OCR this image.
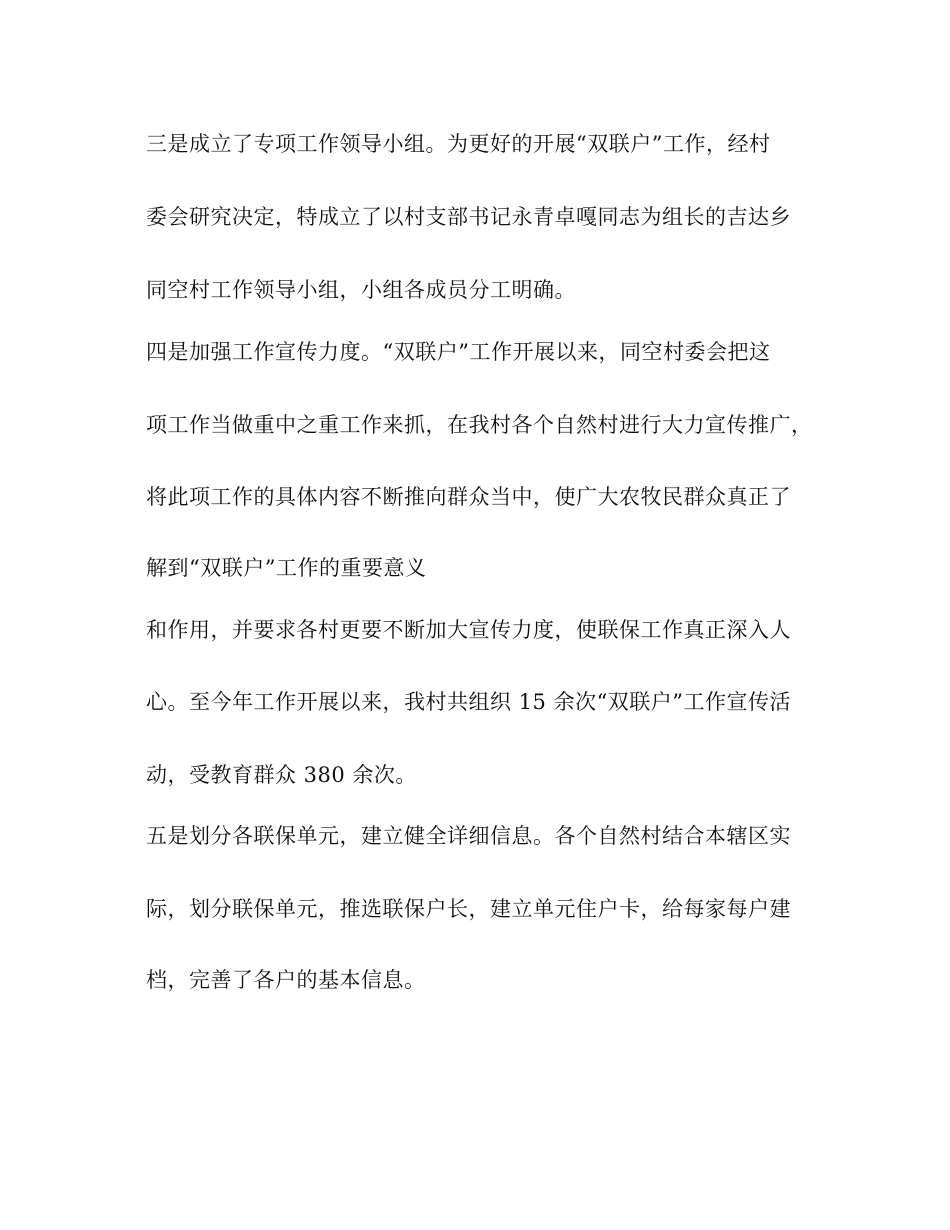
三是成立了专项工作领导小组。为更好的开展“双联户”工作，经村
委会研究决定，特成立了以村支部书记永青卓嘎同志为组长的吉达乡
同空村工作领导小组，小组各成员分工明确。
四是加强工作宣传力度。“双联户”工作开展以来，同空村委会把这
项工作当做重中之重工作来抓，在我村各个自然村进行大力宣传推广，
将此项工作的具体内容不断推向群众当中，使广大农牧民群众真正了
解到“双联户”工作的重要意义
和作用，并要求各村更要不断加大宣传力度，使联保工作真正深入人
心。至今年工作开展以来，我村共组织 15 余次“双联户”工作宣传活
动，受教育群众 380 余次。
五是划分各联保单元，建立健全详细信息。各个自然村结合本辖区实
际，划分联保单元，推选联保户长，建立单元住户卡，给每家每户建
档，完善了各户的基本信息。
